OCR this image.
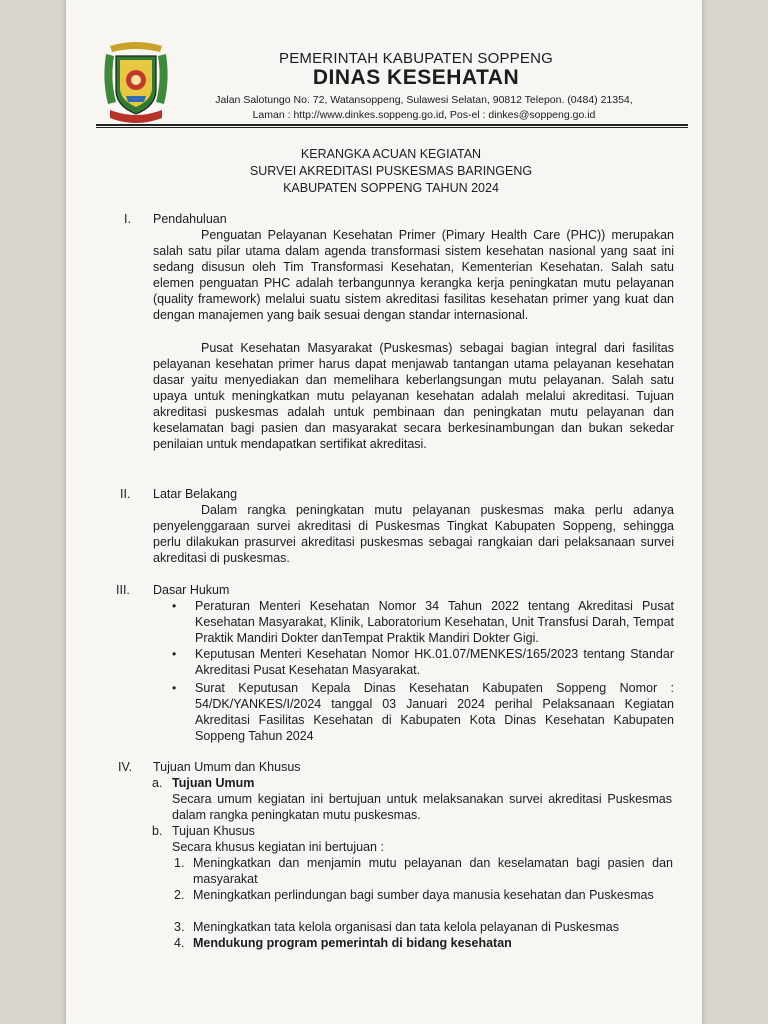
PEMERINTAH KABUPATEN SOPPENG
DINAS KESEHATAN
Jalan Salotungo No. 72, Watansoppeng, Sulawesi Selatan, 90812 Telepon. (0484) 21354,
Laman : http://www.dinkes.soppeng.go.id, Pos-el : dinkes@soppeng.go.id
KERANGKA ACUAN KEGIATAN
SURVEI AKREDITASI PUSKESMAS BARINGENG
KABUPATEN SOPPENG TAHUN 2024
I. Pendahuluan

Penguatan Pelayanan Kesehatan Primer (Pimary Health Care (PHC)) merupakan salah satu pilar utama dalam agenda transformasi sistem kesehatan nasional yang saat ini sedang disusun oleh Tim Transformasi Kesehatan, Kementerian Kesehatan. Salah satu elemen penguatan PHC adalah terbangunnya kerangka kerja peningkatan mutu pelayanan (quality framework) melalui suatu sistem akreditasi fasilitas kesehatan primer yang kuat dan dengan manajemen yang baik sesuai dengan standar internasional.

Pusat Kesehatan Masyarakat (Puskesmas) sebagai bagian integral dari fasilitas pelayanan kesehatan primer harus dapat menjawab tantangan utama pelayanan kesehatan dasar yaitu menyediakan dan memelihara keberlangsungan mutu pelayanan. Salah satu upaya untuk meningkatkan mutu pelayanan kesehatan adalah melalui akreditasi. Tujuan akreditasi puskesmas adalah untuk pembinaan dan peningkatan mutu pelayanan dan keselamatan bagi pasien dan masyarakat secara berkesinambungan dan bukan sekedar penilaian untuk mendapatkan sertifikat akreditasi.

II. Latar Belakang

Dalam rangka peningkatan mutu pelayanan puskesmas maka perlu adanya penyelenggaraan survei akreditasi di Puskesmas Tingkat Kabupaten Soppeng, sehingga perlu dilakukan prasurvei akreditasi puskesmas sebagai rangkaian dari pelaksanaan survei akreditasi di puskesmas.

III. Dasar Hukum
• Peraturan Menteri Kesehatan Nomor 34 Tahun 2022 tentang Akreditasi Pusat Kesehatan Masyarakat, Klinik, Laboratorium Kesehatan, Unit Transfusi Darah, Tempat Praktik Mandiri Dokter danTempat Praktik Mandiri Dokter Gigi.

• Keputusan Menteri Kesehatan Nomor HK.01.07/MENKES/165/2023 tentang Standar Akreditasi Pusat Kesehatan Masyarakat.

• Surat Keputusan Kepala Dinas Kesehatan Kabupaten Soppeng Nomor : 54/DK/YANKES/I/2024 tanggal 03 Januari 2024 perihal Pelaksanaan Kegiatan Akreditasi Fasilitas Kesehatan di Kabupaten Kota Dinas Kesehatan Kabupaten Soppeng Tahun 2024

IV. Tujuan Umum dan Khusus
a. Tujuan Umum

Secara umum kegiatan ini bertujuan untuk melaksanakan survei akreditasi Puskesmas dalam rangka peningkatan mutu puskesmas.

b. Tujuan Khusus
Secara khusus kegiatan ini bertujuan :
1. Meningkatkan dan menjamin mutu pelayanan dan keselamatan bagi pasien dan masyarakat

2. Meningkatkan perlindungan bagi sumber daya manusia kesehatan dan Puskesmas

3. Meningkatkan tata kelola organisasi dan tata kelola pelayanan di Puskesmas

4. Mendukung program pemerintah di bidang kesehatan
